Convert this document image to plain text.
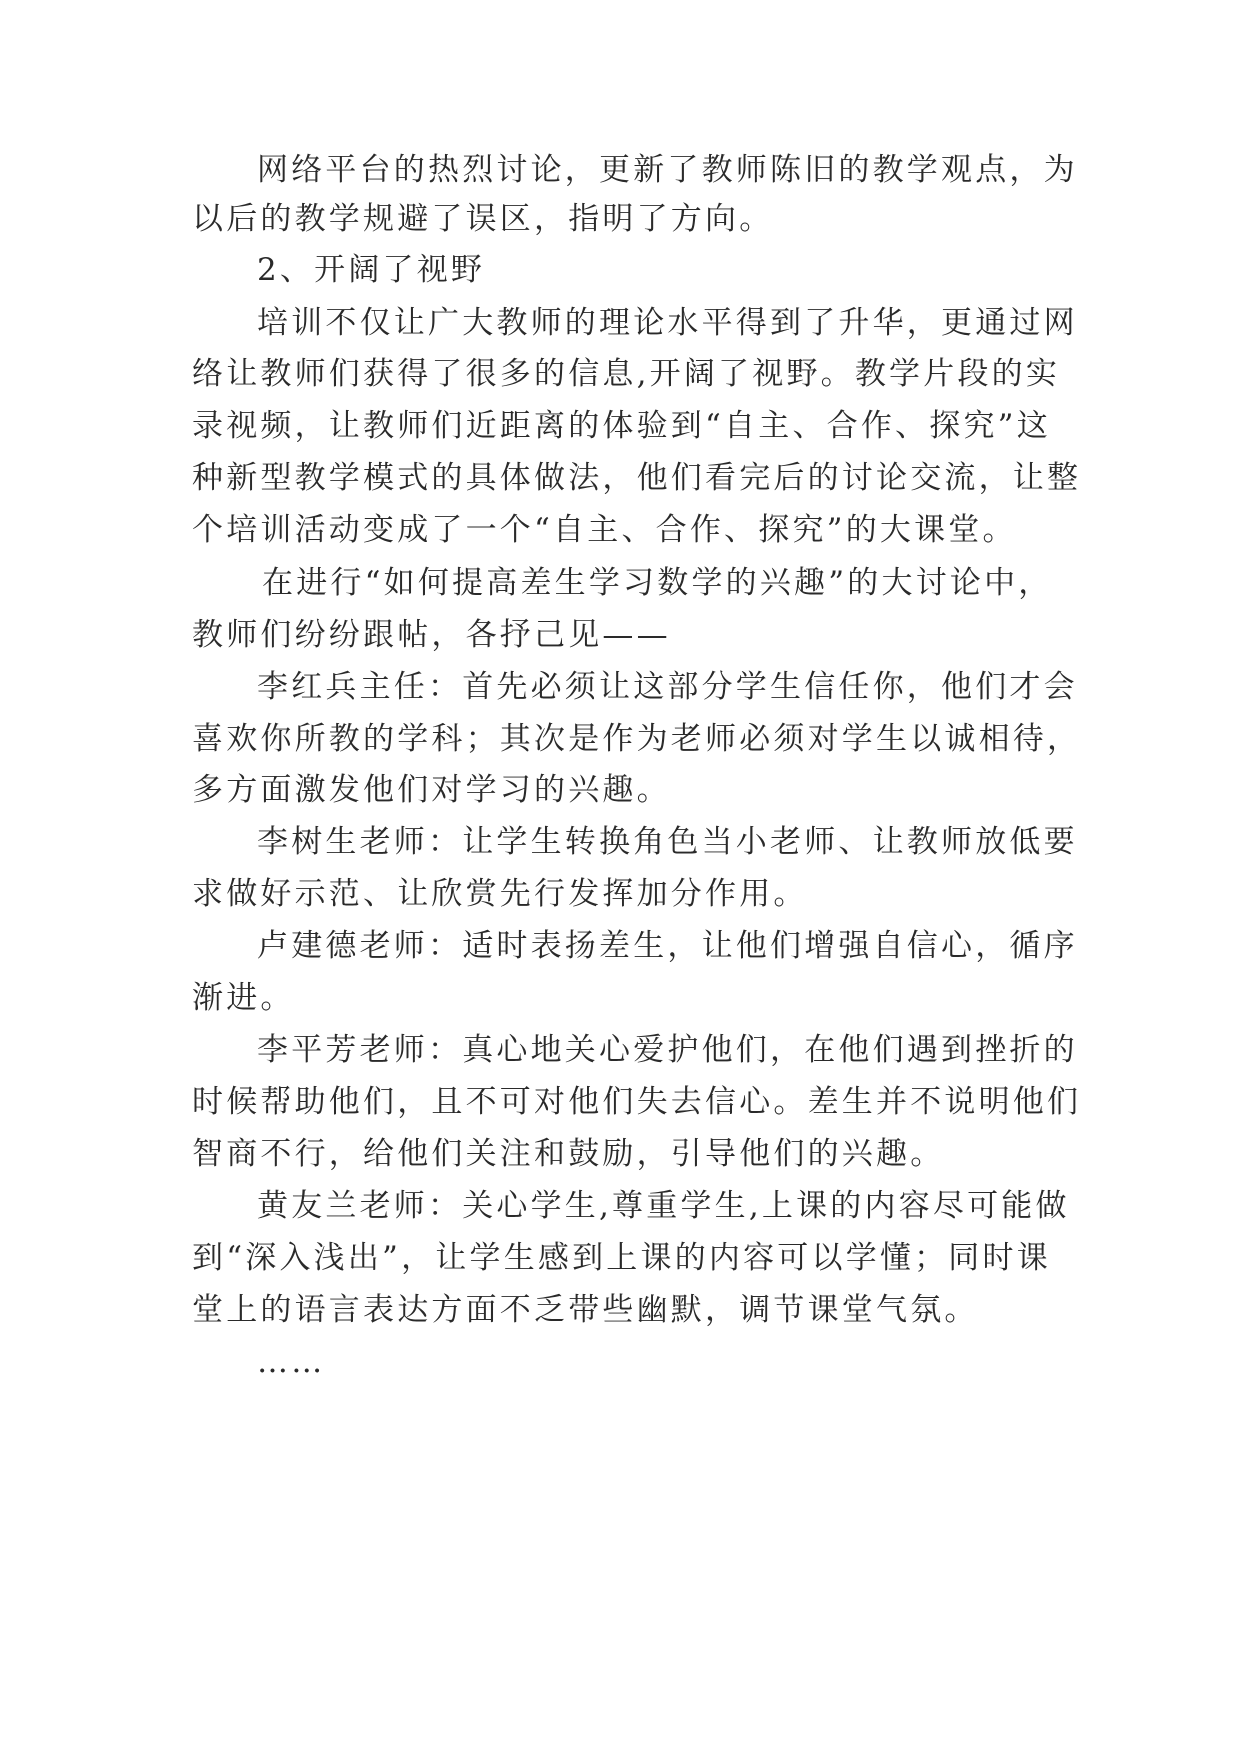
网络平台的热烈讨论，更新了教师陈旧的教学观点，为
以后的教学规避了误区，指明了方向。
2、开阔了视野
培训不仅让广大教师的理论水平得到了升华，更通过网
络让教师们获得了很多的信息,开阔了视野。教学片段的实
录视频，让教师们近距离的体验到“自主、合作、探究”这
种新型教学模式的具体做法，他们看完后的讨论交流，让整
个培训活动变成了一个“自主、合作、探究”的大课堂。
在进行“如何提高差生学习数学的兴趣”的大讨论中，
教师们纷纷跟帖，各抒己见——
李红兵主任：首先必须让这部分学生信任你，他们才会
喜欢你所教的学科；其次是作为老师必须对学生以诚相待，
多方面激发他们对学习的兴趣。
李树生老师：让学生转换角色当小老师、让教师放低要
求做好示范、让欣赏先行发挥加分作用。
卢建德老师：适时表扬差生，让他们增强自信心，循序
渐进。
李平芳老师：真心地关心爱护他们，在他们遇到挫折的
时候帮助他们，且不可对他们失去信心。差生并不说明他们
智商不行，给他们关注和鼓励，引导他们的兴趣。
黄友兰老师：关心学生,尊重学生,上课的内容尽可能做
到“深入浅出”，让学生感到上课的内容可以学懂；同时课
堂上的语言表达方面不乏带些幽默，调节课堂气氛。
……
